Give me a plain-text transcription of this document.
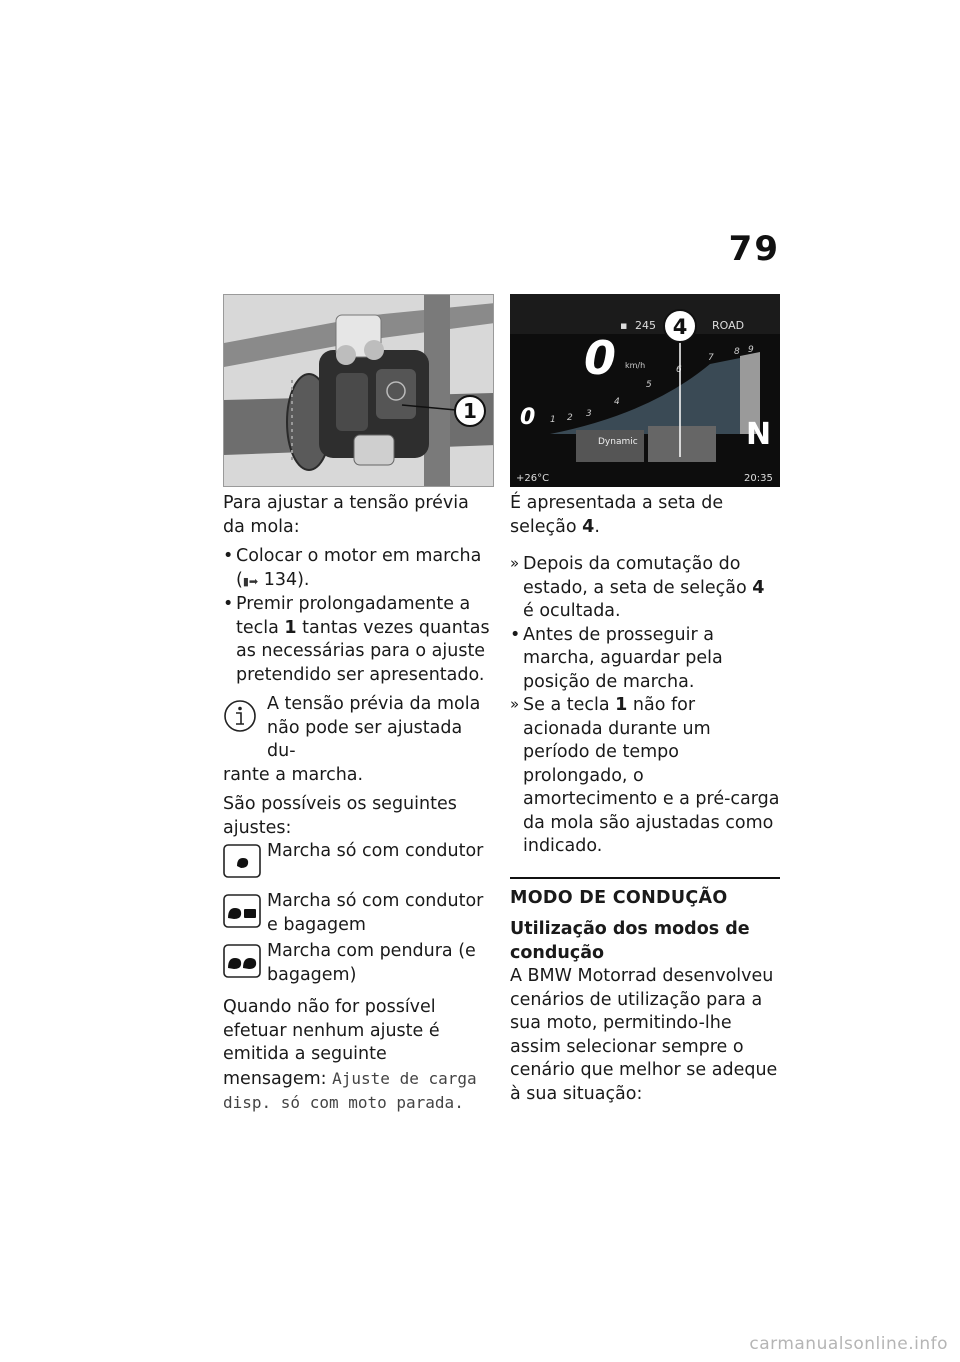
79
1
▪ 245	ROAD
0 km/h
0 1 2 3
4
5
6
7
8 9
Dynamic	N
+26°C	20:35
4

Para ajustar a tensão prévia da mola:

• Colocar o motor em marcha (▮➡ 134).
• Premir prolongadamente a tecla 1 tantas vezes quantas as necessárias para o ajuste pretendido ser apresentado.
A tensão prévia da mola
não pode ser ajustada du-
rante a marcha.

São possíveis os seguintes ajustes:

Marcha só com condutor
Marcha só com condutor e bagagem
Marcha com pendura (e bagagem)

Quando não for possível efetuar nenhum ajuste é emitida a seguinte mensagem: Ajuste de carga disp. só com moto parada.

É apresentada a seta de seleção 4.

» Depois da comutação do estado, a seta de seleção 4 é ocultada.
• Antes de prosseguir a marcha, aguardar pela posição de marcha.
» Se a tecla 1 não for acionada durante um período de tempo prolongado, o amortecimento e a pré-carga da mola são ajustadas como indicado.
MODO DE CONDUÇÃO
Utilização dos modos de condução

A BMW Motorrad desenvolveu cenários de utilização para a sua moto, permitindo-lhe assim selecionar sempre o cenário que melhor se adeque à sua situação:

carmanualsonline.info
